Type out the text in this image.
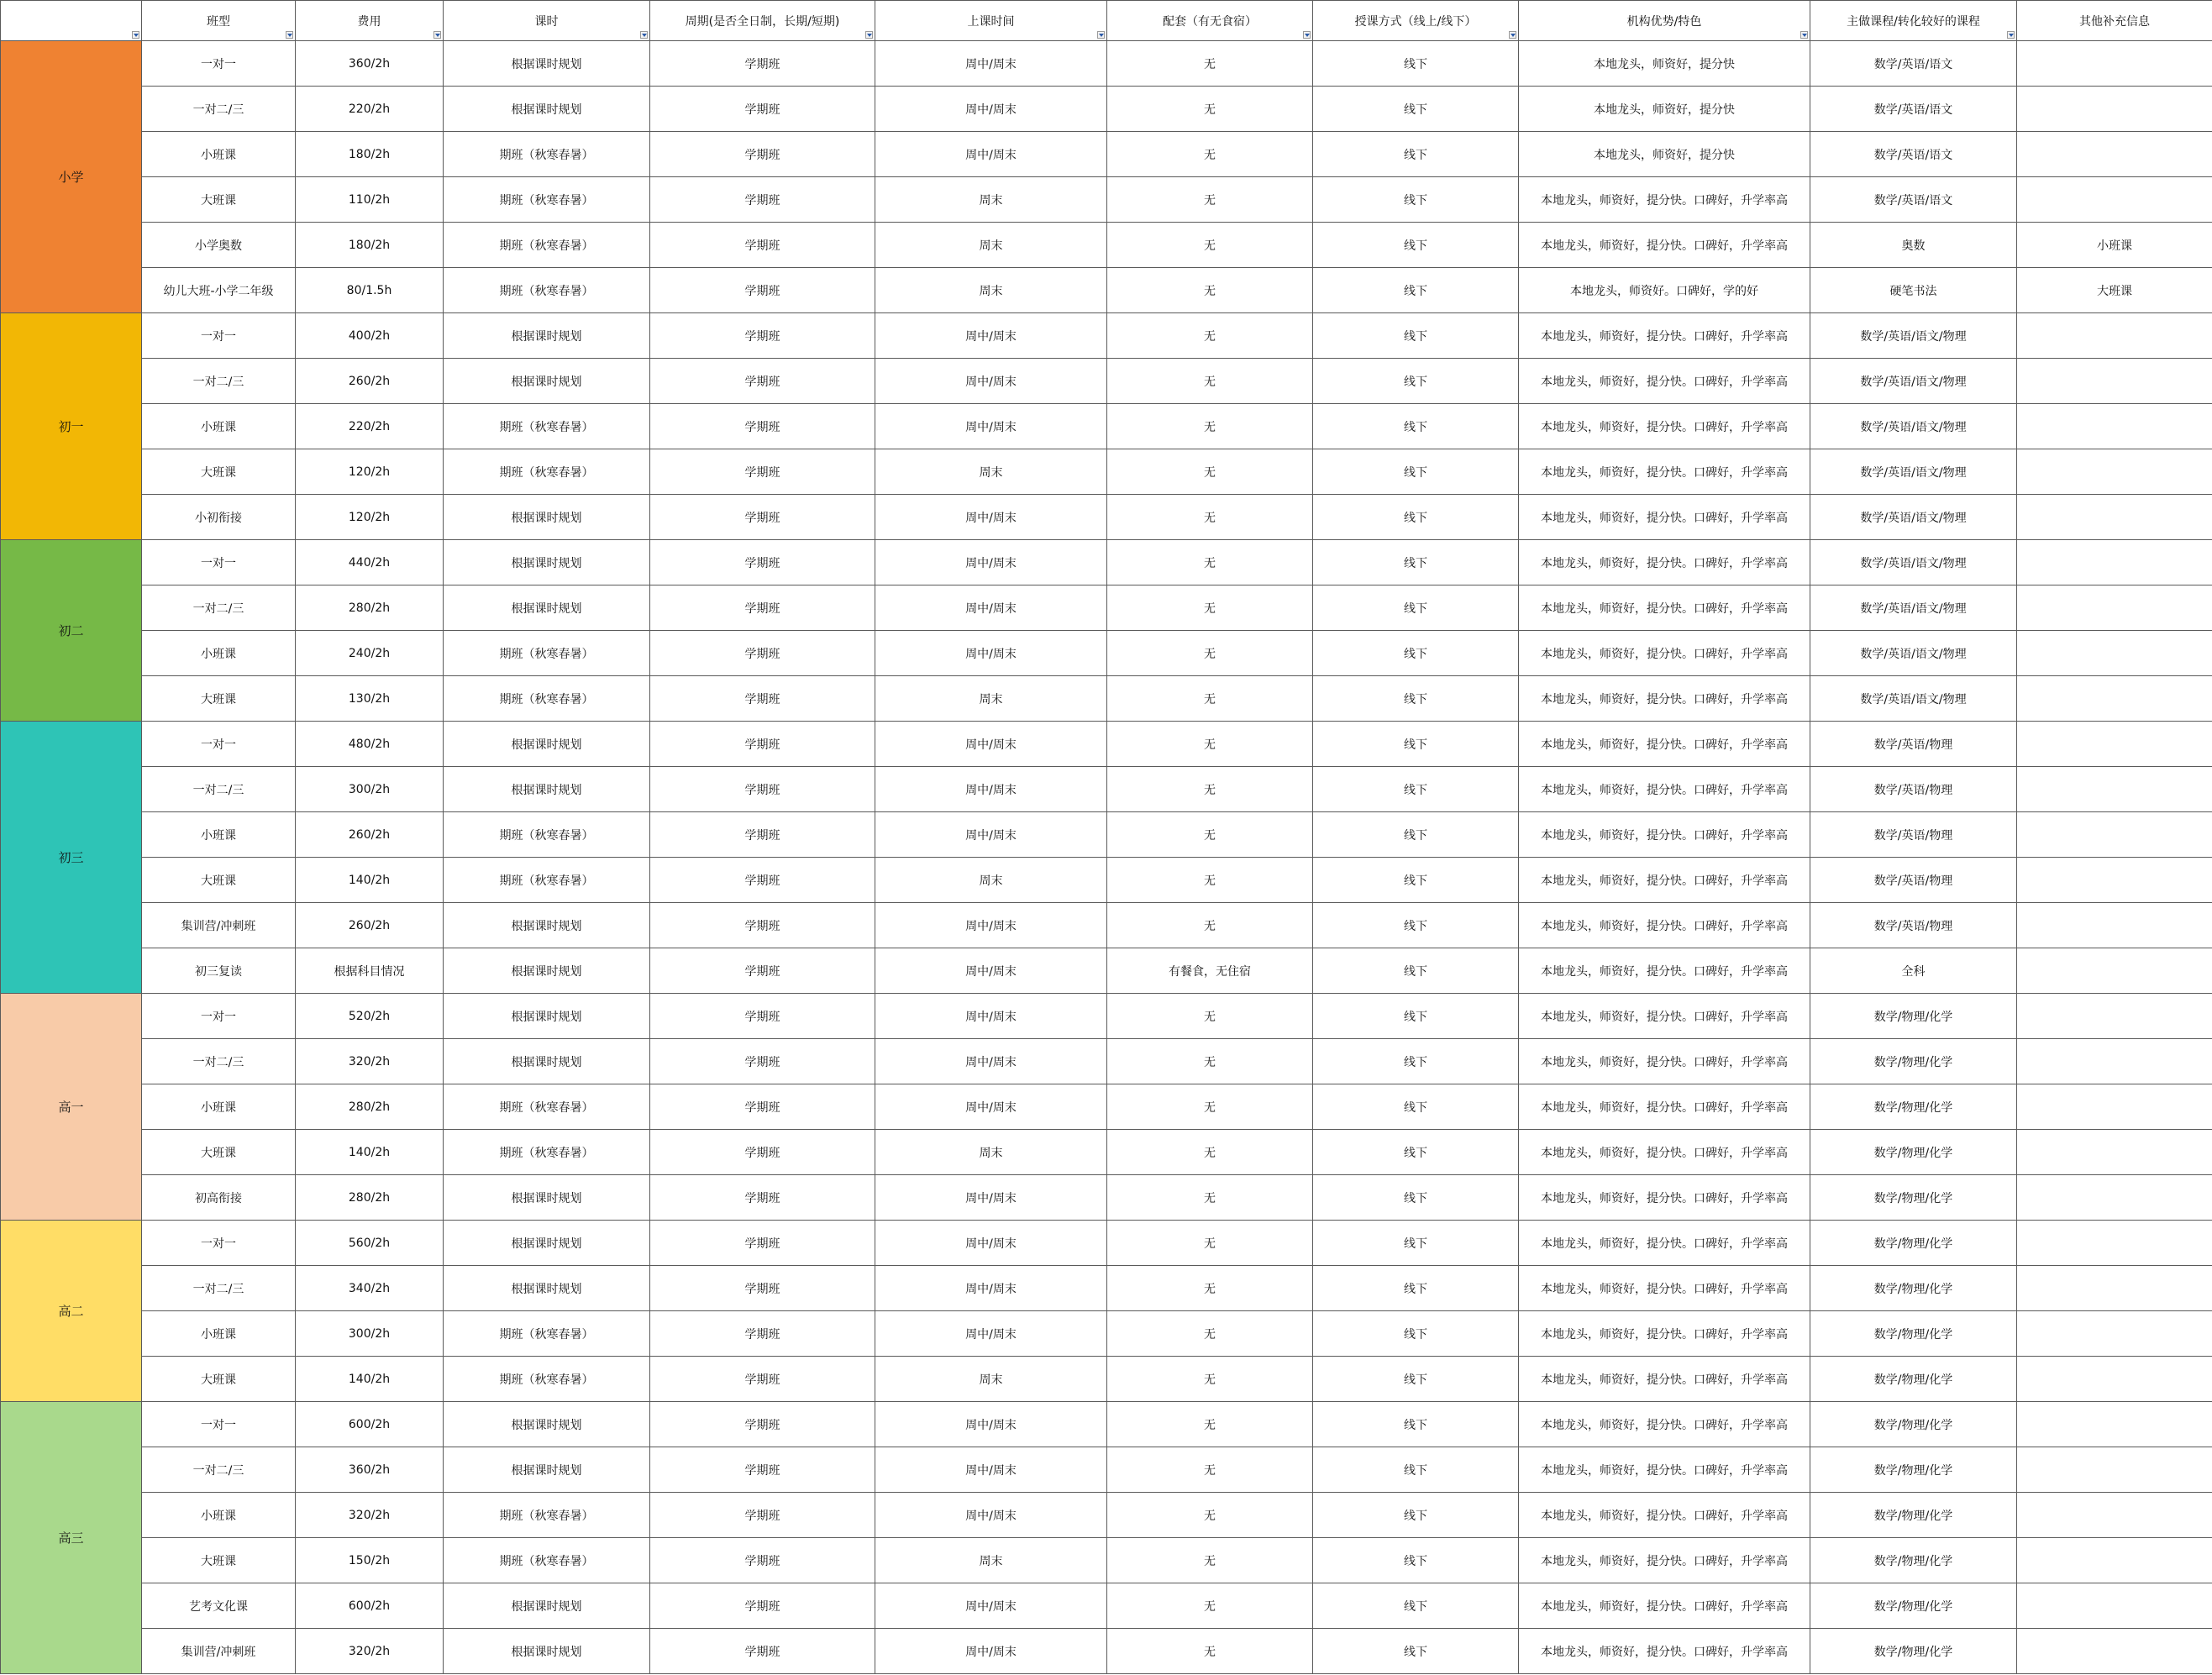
	班型	费用	课时	周期(是否全日制，长期/短期)	上课时间	配套（有无食宿）	授课方式（线上/线下）	机构优势/特色	主做课程/转化较好的课程	其他补充信息
小学	一对一	360/2h	根据课时规划	学期班	周中/周末	无	线下	本地龙头，师资好，提分快	数学/英语/语文	
	一对二/三	220/2h	根据课时规划	学期班	周中/周末	无	线下	本地龙头，师资好，提分快	数学/英语/语文	
	小班课	180/2h	期班（秋寒春暑）	学期班	周中/周末	无	线下	本地龙头，师资好，提分快	数学/英语/语文	
	大班课	110/2h	期班（秋寒春暑）	学期班	周末	无	线下	本地龙头，师资好，提分快。口碑好，升学率高	数学/英语/语文	
	小学奥数	180/2h	期班（秋寒春暑）	学期班	周末	无	线下	本地龙头，师资好，提分快。口碑好，升学率高	奥数	小班课
	幼儿大班-小学二年级	80/1.5h	期班（秋寒春暑）	学期班	周末	无	线下	本地龙头，师资好。口碑好，学的好	硬笔书法	大班课
初一	一对一	400/2h	根据课时规划	学期班	周中/周末	无	线下	本地龙头，师资好，提分快。口碑好，升学率高	数学/英语/语文/物理	
	一对二/三	260/2h	根据课时规划	学期班	周中/周末	无	线下	本地龙头，师资好，提分快。口碑好，升学率高	数学/英语/语文/物理	
	小班课	220/2h	期班（秋寒春暑）	学期班	周中/周末	无	线下	本地龙头，师资好，提分快。口碑好，升学率高	数学/英语/语文/物理	
	大班课	120/2h	期班（秋寒春暑）	学期班	周末	无	线下	本地龙头，师资好，提分快。口碑好，升学率高	数学/英语/语文/物理	
	小初衔接	120/2h	根据课时规划	学期班	周中/周末	无	线下	本地龙头，师资好，提分快。口碑好，升学率高	数学/英语/语文/物理	
初二	一对一	440/2h	根据课时规划	学期班	周中/周末	无	线下	本地龙头，师资好，提分快。口碑好，升学率高	数学/英语/语文/物理	
	一对二/三	280/2h	根据课时规划	学期班	周中/周末	无	线下	本地龙头，师资好，提分快。口碑好，升学率高	数学/英语/语文/物理	
	小班课	240/2h	期班（秋寒春暑）	学期班	周中/周末	无	线下	本地龙头，师资好，提分快。口碑好，升学率高	数学/英语/语文/物理	
	大班课	130/2h	期班（秋寒春暑）	学期班	周末	无	线下	本地龙头，师资好，提分快。口碑好，升学率高	数学/英语/语文/物理	
初三	一对一	480/2h	根据课时规划	学期班	周中/周末	无	线下	本地龙头，师资好，提分快。口碑好，升学率高	数学/英语/物理	
	一对二/三	300/2h	根据课时规划	学期班	周中/周末	无	线下	本地龙头，师资好，提分快。口碑好，升学率高	数学/英语/物理	
	小班课	260/2h	期班（秋寒春暑）	学期班	周中/周末	无	线下	本地龙头，师资好，提分快。口碑好，升学率高	数学/英语/物理	
	大班课	140/2h	期班（秋寒春暑）	学期班	周末	无	线下	本地龙头，师资好，提分快。口碑好，升学率高	数学/英语/物理	
	集训营/冲刺班	260/2h	根据课时规划	学期班	周中/周末	无	线下	本地龙头，师资好，提分快。口碑好，升学率高	数学/英语/物理	
	初三复读	根据科目情况	根据课时规划	学期班	周中/周末	有餐食，无住宿	线下	本地龙头，师资好，提分快。口碑好，升学率高	全科	
高一	一对一	520/2h	根据课时规划	学期班	周中/周末	无	线下	本地龙头，师资好，提分快。口碑好，升学率高	数学/物理/化学	
	一对二/三	320/2h	根据课时规划	学期班	周中/周末	无	线下	本地龙头，师资好，提分快。口碑好，升学率高	数学/物理/化学	
	小班课	280/2h	期班（秋寒春暑）	学期班	周中/周末	无	线下	本地龙头，师资好，提分快。口碑好，升学率高	数学/物理/化学	
	大班课	140/2h	期班（秋寒春暑）	学期班	周末	无	线下	本地龙头，师资好，提分快。口碑好，升学率高	数学/物理/化学	
	初高衔接	280/2h	根据课时规划	学期班	周中/周末	无	线下	本地龙头，师资好，提分快。口碑好，升学率高	数学/物理/化学	
高二	一对一	560/2h	根据课时规划	学期班	周中/周末	无	线下	本地龙头，师资好，提分快。口碑好，升学率高	数学/物理/化学	
	一对二/三	340/2h	根据课时规划	学期班	周中/周末	无	线下	本地龙头，师资好，提分快。口碑好，升学率高	数学/物理/化学	
	小班课	300/2h	期班（秋寒春暑）	学期班	周中/周末	无	线下	本地龙头，师资好，提分快。口碑好，升学率高	数学/物理/化学	
	大班课	140/2h	期班（秋寒春暑）	学期班	周末	无	线下	本地龙头，师资好，提分快。口碑好，升学率高	数学/物理/化学	
高三	一对一	600/2h	根据课时规划	学期班	周中/周末	无	线下	本地龙头，师资好，提分快。口碑好，升学率高	数学/物理/化学	
	一对二/三	360/2h	根据课时规划	学期班	周中/周末	无	线下	本地龙头，师资好，提分快。口碑好，升学率高	数学/物理/化学	
	小班课	320/2h	期班（秋寒春暑）	学期班	周中/周末	无	线下	本地龙头，师资好，提分快。口碑好，升学率高	数学/物理/化学	
	大班课	150/2h	期班（秋寒春暑）	学期班	周末	无	线下	本地龙头，师资好，提分快。口碑好，升学率高	数学/物理/化学	
	艺考文化课	600/2h	根据课时规划	学期班	周中/周末	无	线下	本地龙头，师资好，提分快。口碑好，升学率高	数学/物理/化学	
	集训营/冲刺班	320/2h	根据课时规划	学期班	周中/周末	无	线下	本地龙头，师资好，提分快。口碑好，升学率高	数学/物理/化学	
